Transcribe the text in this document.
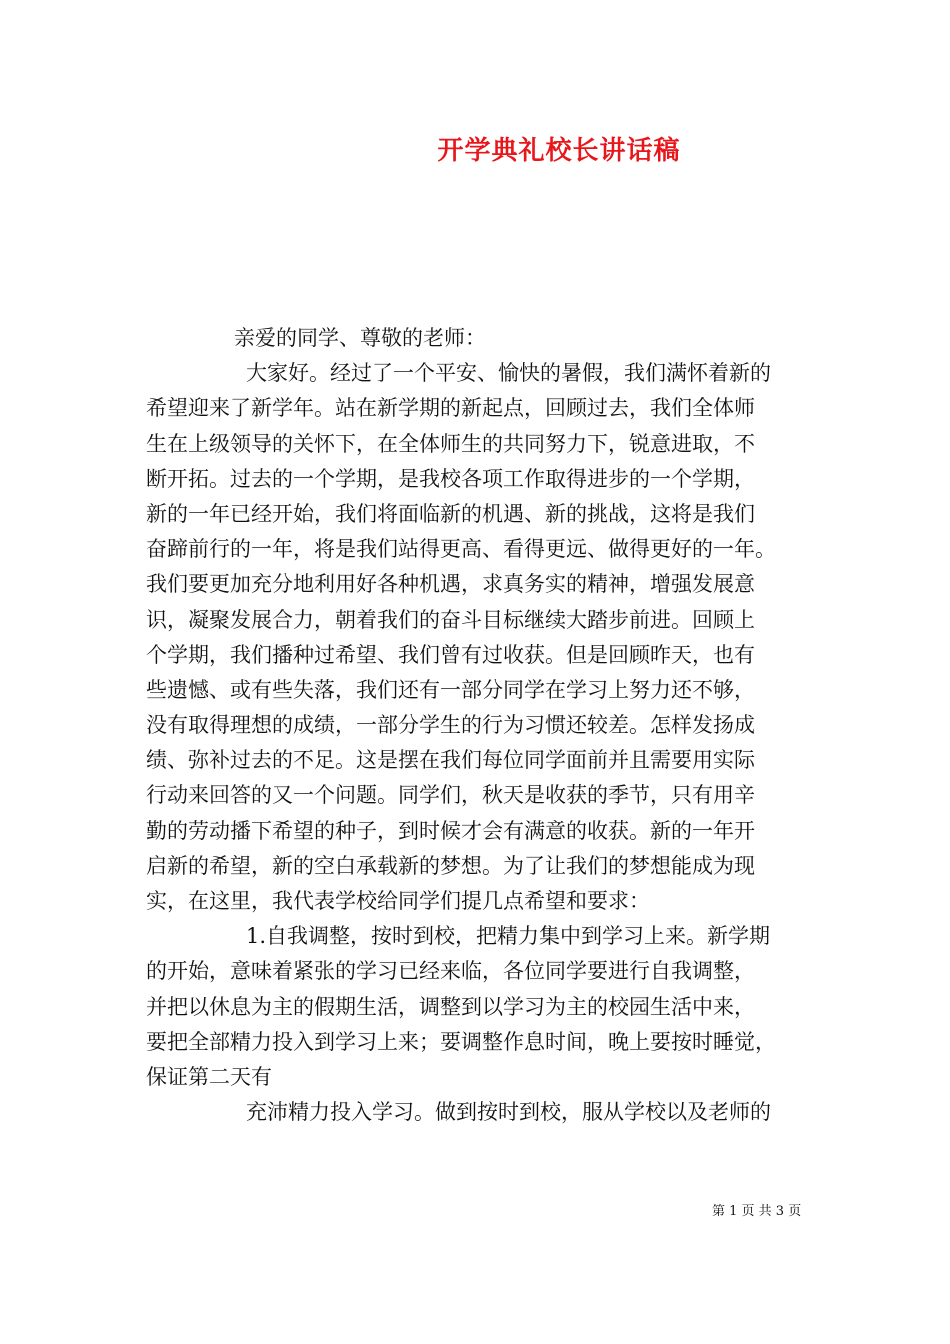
开学典礼校长讲话稿
亲爱的同学、尊敬的老师：
大家好。经过了一个平安、愉快的暑假，我们满怀着新的
希望迎来了新学年。站在新学期的新起点，回顾过去，我们全体师
生在上级领导的关怀下，在全体师生的共同努力下，锐意进取，不
断开拓。过去的一个学期，是我校各项工作取得进步的一个学期，
新的一年已经开始，我们将面临新的机遇、新的挑战，这将是我们
奋蹄前行的一年，将是我们站得更高、看得更远、做得更好的一年。
我们要更加充分地利用好各种机遇，求真务实的精神，增强发展意
识，凝聚发展合力，朝着我们的奋斗目标继续大踏步前进。回顾上
个学期，我们播种过希望、我们曾有过收获。但是回顾昨天，也有
些遗憾、或有些失落，我们还有一部分同学在学习上努力还不够，
没有取得理想的成绩，一部分学生的行为习惯还较差。怎样发扬成
绩、弥补过去的不足。这是摆在我们每位同学面前并且需要用实际
行动来回答的又一个问题。同学们，秋天是收获的季节，只有用辛
勤的劳动播下希望的种子，到时候才会有满意的收获。新的一年开
启新的希望，新的空白承载新的梦想。为了让我们的梦想能成为现
实，在这里，我代表学校给同学们提几点希望和要求：
1.自我调整，按时到校，把精力集中到学习上来。新学期
的开始，意味着紧张的学习已经来临，各位同学要进行自我调整，
并把以休息为主的假期生活，调整到以学习为主的校园生活中来，
要把全部精力投入到学习上来；要调整作息时间，晚上要按时睡觉，
保证第二天有
充沛精力投入学习。做到按时到校，服从学校以及老师的
第 1 页 共 3 页
